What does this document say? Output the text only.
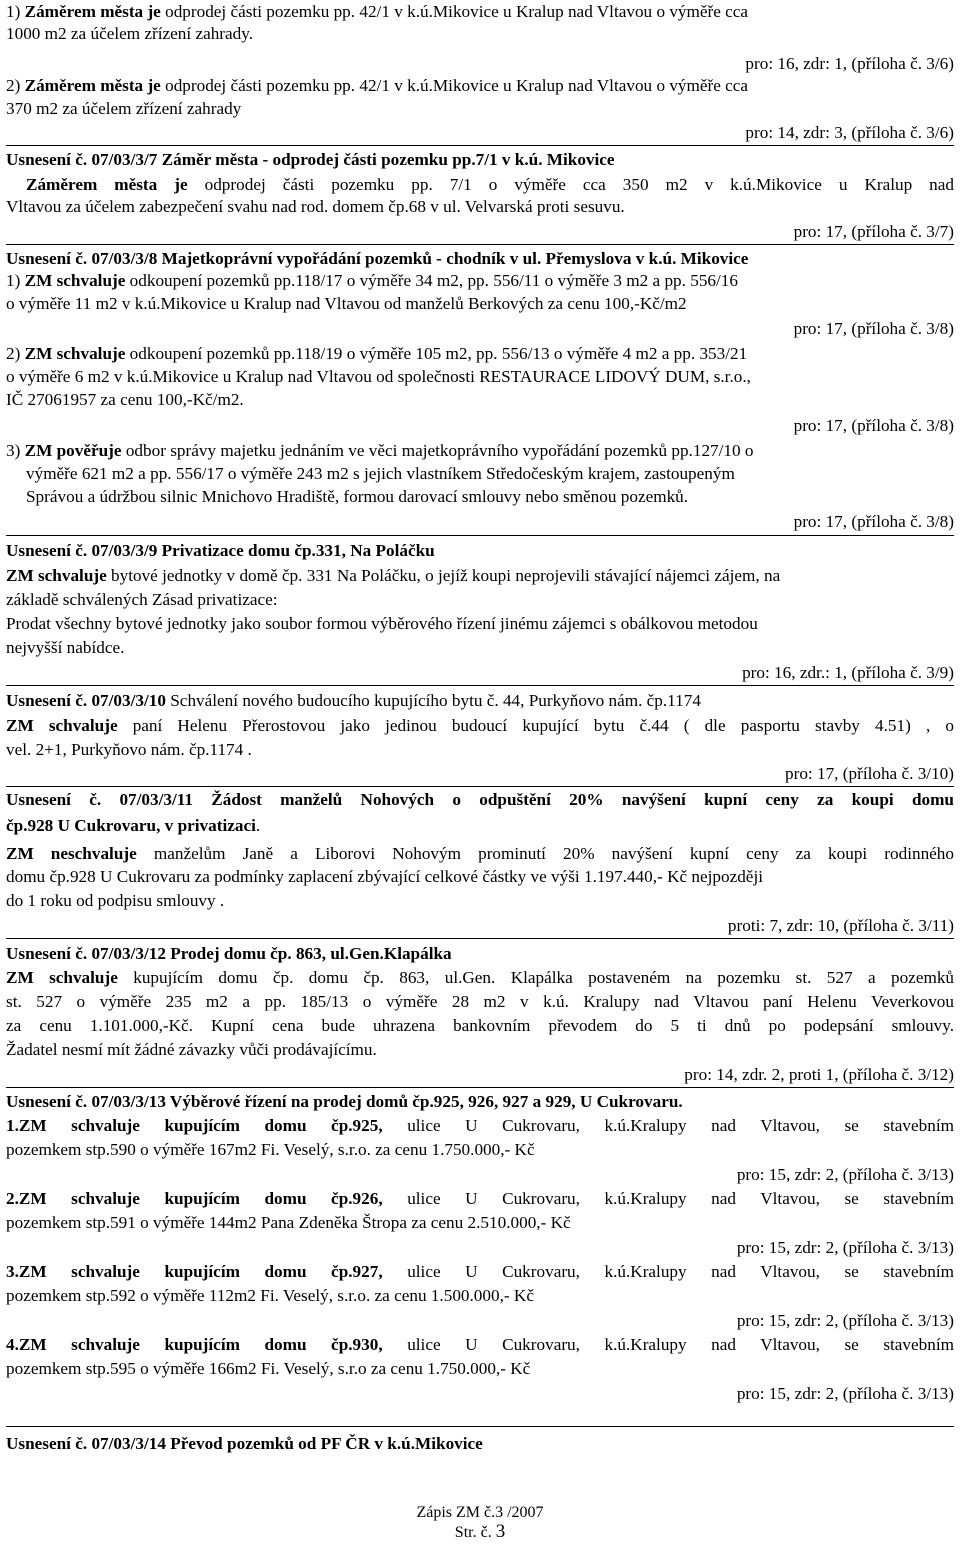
1) Záměrem města je odprodej části pozemku pp. 42/1 v k.ú.Mikovice u Kralup nad Vltavou o výměře cca
1000 m2 za účelem zřízení zahrady.
pro: 16, zdr: 1, (příloha č. 3/6)
2) Záměrem města je odprodej části pozemku pp. 42/1 v k.ú.Mikovice u Kralup nad Vltavou o výměře cca
370 m2 za účelem zřízení zahrady
pro: 14, zdr: 3, (příloha č. 3/6)
Usnesení č. 07/03/3/7 Záměr města - odprodej části pozemku pp.7/1 v k.ú. Mikovice
Záměrem města je odprodej části pozemku pp. 7/1 o výměře cca 350 m2 v k.ú.Mikovice u Kralup nad
Vltavou za účelem zabezpečení svahu nad rod. domem čp.68 v ul. Velvarská proti sesuvu.
pro: 17, (příloha č. 3/7)
Usnesení č. 07/03/3/8 Majetkoprávní vypořádání pozemků - chodník v ul. Přemyslova v k.ú. Mikovice
1) ZM schvaluje odkoupení pozemků pp.118/17 o výměře 34 m2, pp. 556/11 o výměře 3 m2 a pp. 556/16
o výměře 11 m2 v k.ú.Mikovice u Kralup nad Vltavou od manželů Berkových za cenu 100,-Kč/m2
pro: 17, (příloha č. 3/8)
2) ZM schvaluje odkoupení pozemků pp.118/19 o výměře 105 m2, pp. 556/13 o výměře 4 m2 a pp. 353/21
o výměře 6 m2 v k.ú.Mikovice u Kralup nad Vltavou od společnosti RESTAURACE LIDOVÝ DUM, s.r.o.,
IČ 27061957 za cenu 100,-Kč/m2.
pro: 17, (příloha č. 3/8)
3) ZM pověřuje odbor správy majetku jednáním ve věci majetkoprávního vypořádání pozemků pp.127/10 o
výměře 621 m2 a pp. 556/17 o výměře 243 m2 s jejich vlastníkem Středočeským krajem, zastoupeným
Správou a údržbou silnic Mnichovo Hradiště, formou darovací smlouvy nebo směnou pozemků.
pro: 17, (příloha č. 3/8)
Usnesení č. 07/03/3/9 Privatizace domu čp.331, Na Poláčku
ZM schvaluje bytové jednotky v domě čp. 331 Na Poláčku, o jejíž koupi neprojevili stávající nájemci zájem, na
základě schválených Zásad privatizace:
Prodat všechny bytové jednotky jako soubor formou výběrového řízení jinému zájemci s obálkovou metodou
nejvyšší nabídce.
pro: 16, zdr.: 1, (příloha č. 3/9)
Usnesení č. 07/03/3/10 Schválení nového budoucího kupujícího bytu č. 44, Purkyňovo nám. čp.1174
ZM schvaluje paní Helenu Přerostovou jako jedinou budoucí kupující bytu č.44 ( dle pasportu stavby 4.51) , o
vel. 2+1, Purkyňovo nám. čp.1174 .
pro: 17, (příloha č. 3/10)
Usnesení č. 07/03/3/11 Žádost manželů Nohových o odpuštění 20% navýšení kupní ceny za koupi domu
čp.928 U Cukrovaru, v privatizaci.
ZM neschvaluje manželům Janě a Liborovi Nohovým prominutí 20% navýšení kupní ceny za koupi rodinného
domu čp.928 U Cukrovaru za podmínky zaplacení zbývající celkové částky ve výši 1.197.440,- Kč nejpozději
do 1 roku od podpisu smlouvy .
proti: 7, zdr: 10, (příloha č. 3/11)
Usnesení č. 07/03/3/12 Prodej domu čp. 863, ul.Gen.Klapálka
ZM schvaluje kupujícím domu čp. domu čp. 863, ul.Gen. Klapálka postaveném na pozemku st. 527 a pozemků
st. 527 o výměře 235 m2 a pp. 185/13 o výměře 28 m2 v k.ú. Kralupy nad Vltavou paní Helenu Veverkovou
za cenu 1.101.000,-Kč. Kupní cena bude uhrazena bankovním převodem do 5 ti dnů po podepsání smlouvy.
Žadatel nesmí mít žádné závazky vůči prodávajícímu.
pro: 14, zdr. 2, proti 1, (příloha č. 3/12)
Usnesení č. 07/03/3/13 Výběrové řízení na prodej domů čp.925, 926, 927 a 929, U Cukrovaru.
1.ZM schvaluje kupujícím domu čp.925, ulice U Cukrovaru, k.ú.Kralupy nad Vltavou, se stavebním
pozemkem stp.590 o výměře 167m2 Fi. Veselý, s.r.o. za cenu 1.750.000,- Kč
pro: 15, zdr: 2, (příloha č. 3/13)
2.ZM schvaluje kupujícím domu čp.926, ulice U Cukrovaru, k.ú.Kralupy nad Vltavou, se stavebním
pozemkem stp.591 o výměře 144m2 Pana Zdeněka Štropa za cenu 2.510.000,- Kč
pro: 15, zdr: 2, (příloha č. 3/13)
3.ZM schvaluje kupujícím domu čp.927, ulice U Cukrovaru, k.ú.Kralupy nad Vltavou, se stavebním
pozemkem stp.592 o výměře 112m2 Fi. Veselý, s.r.o. za cenu 1.500.000,- Kč
pro: 15, zdr: 2, (příloha č. 3/13)
4.ZM schvaluje kupujícím domu čp.930, ulice U Cukrovaru, k.ú.Kralupy nad Vltavou, se stavebním
pozemkem stp.595 o výměře 166m2 Fi. Veselý, s.r.o za cenu 1.750.000,- Kč
pro: 15, zdr: 2, (příloha č. 3/13)
Usnesení č. 07/03/3/14 Převod pozemků od PF ČR v k.ú.Mikovice
Zápis ZM č.3 /2007
Str. č. 3
